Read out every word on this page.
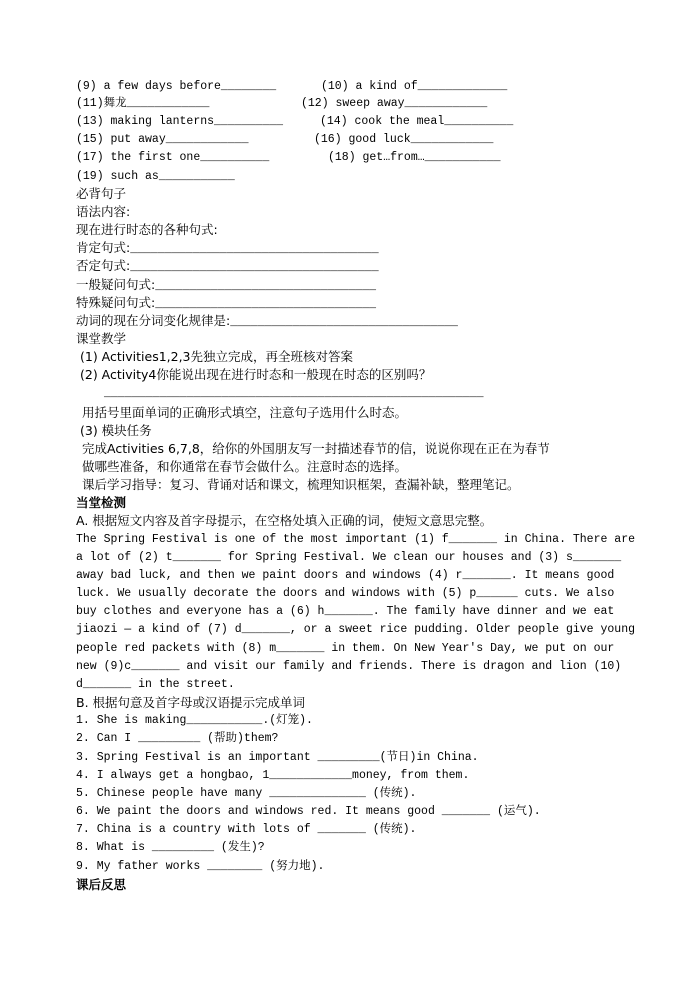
(9) a few days before________	(10) a kind of_____________
(11)舞龙____________	(12) sweep away____________
(13) making lanterns__________	(14) cook the meal__________
(15) put away____________	(16) good luck____________
(17) the first one__________	(18) get…from…___________
(19) such as___________
必背句子
语法内容:
现在进行时态的各种句式:
肯定句式:____________________________________
否定句式:____________________________________
一般疑问句式:________________________________
特殊疑问句式:________________________________
动词的现在分词变化规律是:_________________________________
课堂教学
(1) Activities1,2,3先独立完成，再全班核对答案
(2) Activity4你能说出现在进行时态和一般现在时态的区别吗？
_______________________________________________________
用括号里面单词的正确形式填空，注意句子选用什么时态。
(3) 模块任务
完成Activities 6,7,8，给你的外国朋友写一封描述春节的信，说说你现在正在为春节
做哪些准备，和你通常在春节会做什么。注意时态的选择。
课后学习指导：复习、背诵对话和课文，梳理知识框架，查漏补缺，整理笔记。
当堂检测
A. 根据短文内容及首字母提示，在空格处填入正确的词，使短文意思完整。
The Spring Festival is one of the most important (1) f_______ in China. There are
a lot of (2) t_______ for Spring Festival. We clean our houses and (3) s_______
away bad luck, and then we paint doors and windows (4) r_______. It means good
luck. We usually decorate the doors and windows with (5) p______ cuts. We also
buy clothes and everyone has a (6) h_______. The family have dinner and we eat
jiaozi — a kind of (7) d_______, or a sweet rice pudding. Older people give young
people red packets with (8) m_______ in them. On New Year's Day, we put on our
new (9)c_______ and visit our family and friends. There is dragon and lion (10)
d_______ in the street.
B. 根据句意及首字母或汉语提示完成单词
1. She is making___________.(灯笼).
2. Can I _________ (帮助)them?
3. Spring Festival is an important _________(节日)in China.
4. I always get a hongbao, 1____________money, from them.
5. Chinese people have many ______________ (传统).
6. We paint the doors and windows red. It means good _______ (运气).
7. China is a country with lots of _______ (传统).
8. What is _________ (发生)?
9. My father works ________ (努力地).
课后反思
